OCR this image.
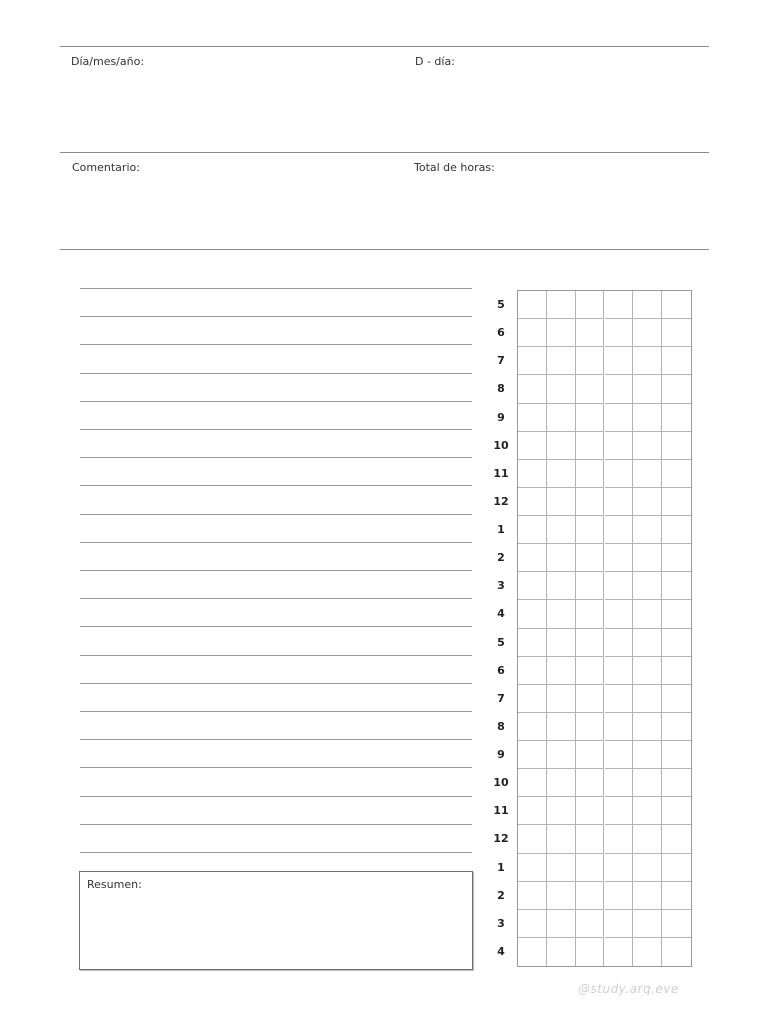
Día/mes/año:	D - día:
Comentario:	Total de horas:
Resumen:
5
6
7
8
9
10
11
12
1
2
3
4
5
6
7
8
9
10
11
12
1
2
3
4
@study.arq.eve
